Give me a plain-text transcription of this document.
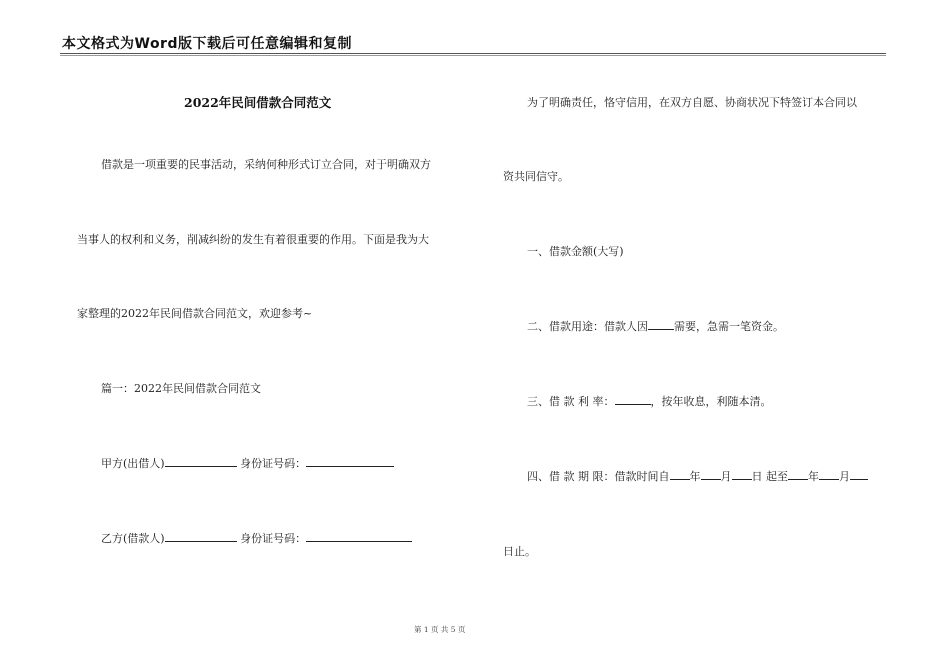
本文格式为Word版下载后可任意编辑和复制
2022年民间借款合同范文
借款是一项重要的民事活动，采纳何种形式订立合同，对于明确双方
当事人的权利和义务，削减纠纷的发生有着很重要的作用。下面是我为大
家整理的2022年民间借款合同范文，欢迎参考~
篇一：2022年民间借款合同范文
甲方(出借人)	身份证号码：
乙方(借款人)	身份证号码：
为了明确责任，恪守信用，在双方自愿、协商状况下特签订本合同以
资共同信守。
一、借款金额(大写)
二、借款用途：借款人因 需要，急需一笔资金。
三、借 款 利 率：	，按年收息，利随本清。
四、借 款 期 限：借款时间自 年 月 日 起至 年 月
日止。
第 1 页 共 5 页
